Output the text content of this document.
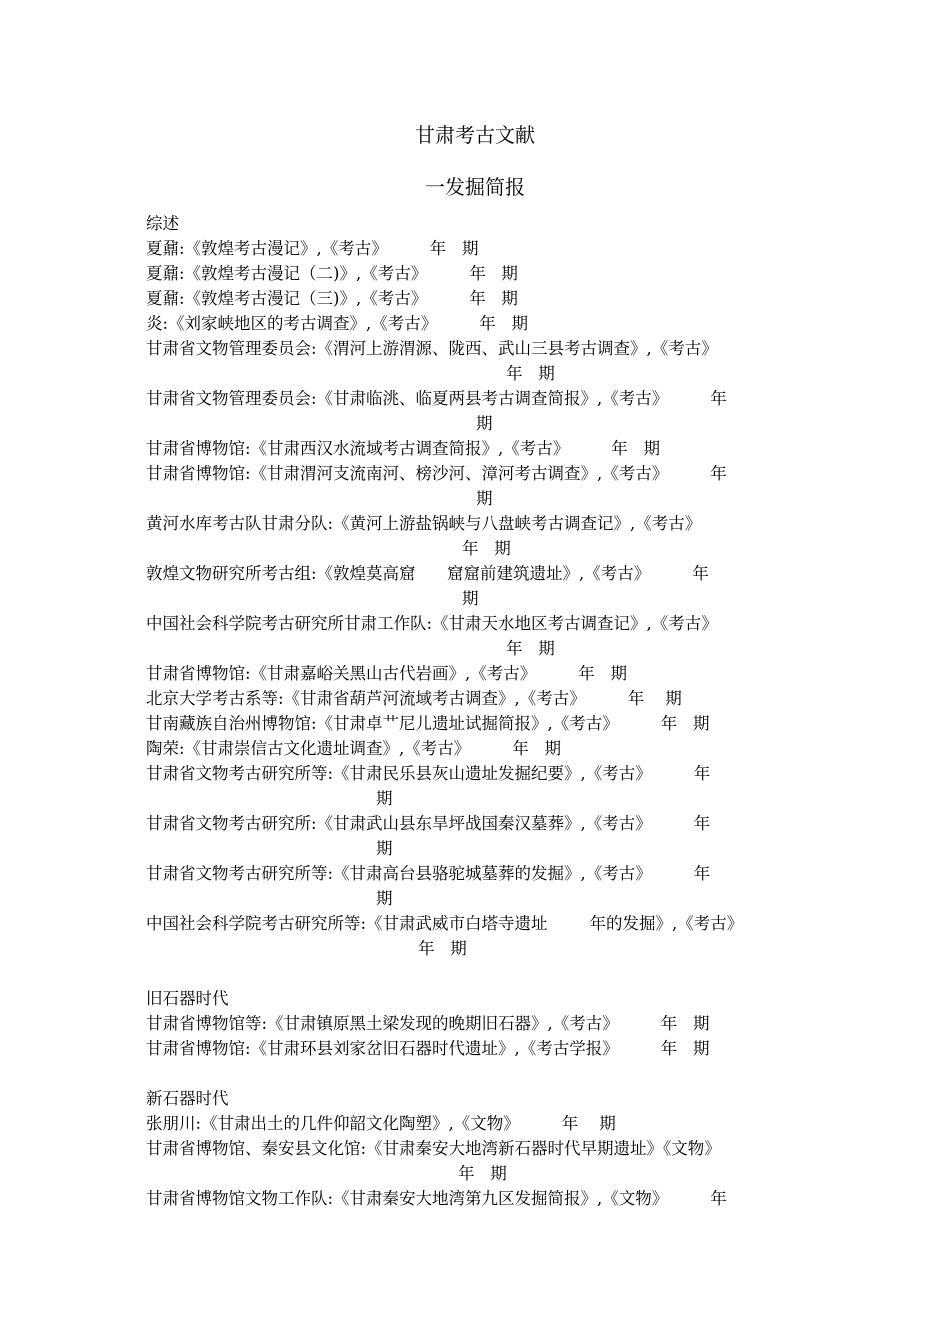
甘肃考古文献
一发掘简报
综述
夏鼐:《敦煌考古漫记》,《考古》        年   期
夏鼐:《敦煌考古漫记（二)》,《考古》        年   期
夏鼐:《敦煌考古漫记（三)》,《考古》        年   期
炎:《刘家峡地区的考古调查》,《考古》        年   期
甘肃省文物管理委员会:《渭河上游渭源、陇西、武山三县考古调查》,《考古》
年   期
甘肃省文物管理委员会:《甘肃临洮、临夏两县考古调查简报》,《考古》        年
期
甘肃省博物馆:《甘肃西汉水流域考古调查简报》,《考古》        年   期
甘肃省博物馆:《甘肃渭河支流南河、榜沙河、漳河考古调查》,《考古》        年
期
黄河水库考古队甘肃分队:《黄河上游盐锅峡与八盘峡考古调查记》,《考古》
年   期
敦煌文物研究所考古组:《敦煌莫高窟      窟窟前建筑遗址》,《考古》        年
期
中国社会科学院考古研究所甘肃工作队:《甘肃天水地区考古调查记》,《考古》
年   期
甘肃省博物馆:《甘肃嘉峪关黑山古代岩画》,《考古》        年   期
北京大学考古系等:《甘肃省葫芦河流域考古调查》,《考古》        年    期
甘南藏族自治州博物馆:《甘肃卓艹尼儿遗址试掘简报》,《考古》        年   期
陶荣:《甘肃崇信古文化遗址调查》,《考古》        年   期
甘肃省文物考古研究所等:《甘肃民乐县灰山遗址发掘纪要》,《考古》        年
期
甘肃省文物考古研究所:《甘肃武山县东旱坪战国秦汉墓葬》,《考古》        年
期
甘肃省文物考古研究所等:《甘肃高台县骆驼城墓葬的发掘》,《考古》        年
期
中国社会科学院考古研究所等:《甘肃武威市白塔寺遗址        年的发掘》,《考古》
年   期
旧石器时代
甘肃省博物馆等:《甘肃镇原黑土梁发现的晚期旧石器》,《考古》        年   期
甘肃省博物馆:《甘肃环县刘家岔旧石器时代遗址》,《考古学报》        年   期
新石器时代
张朋川:《甘肃出土的几件仰韶文化陶塑》,《文物》        年    期
甘肃省博物馆、秦安县文化馆:《甘肃秦安大地湾新石器时代早期遗址》《文物》
年   期
甘肃省博物馆文物工作队:《甘肃秦安大地湾第九区发掘简报》,《文物》        年
